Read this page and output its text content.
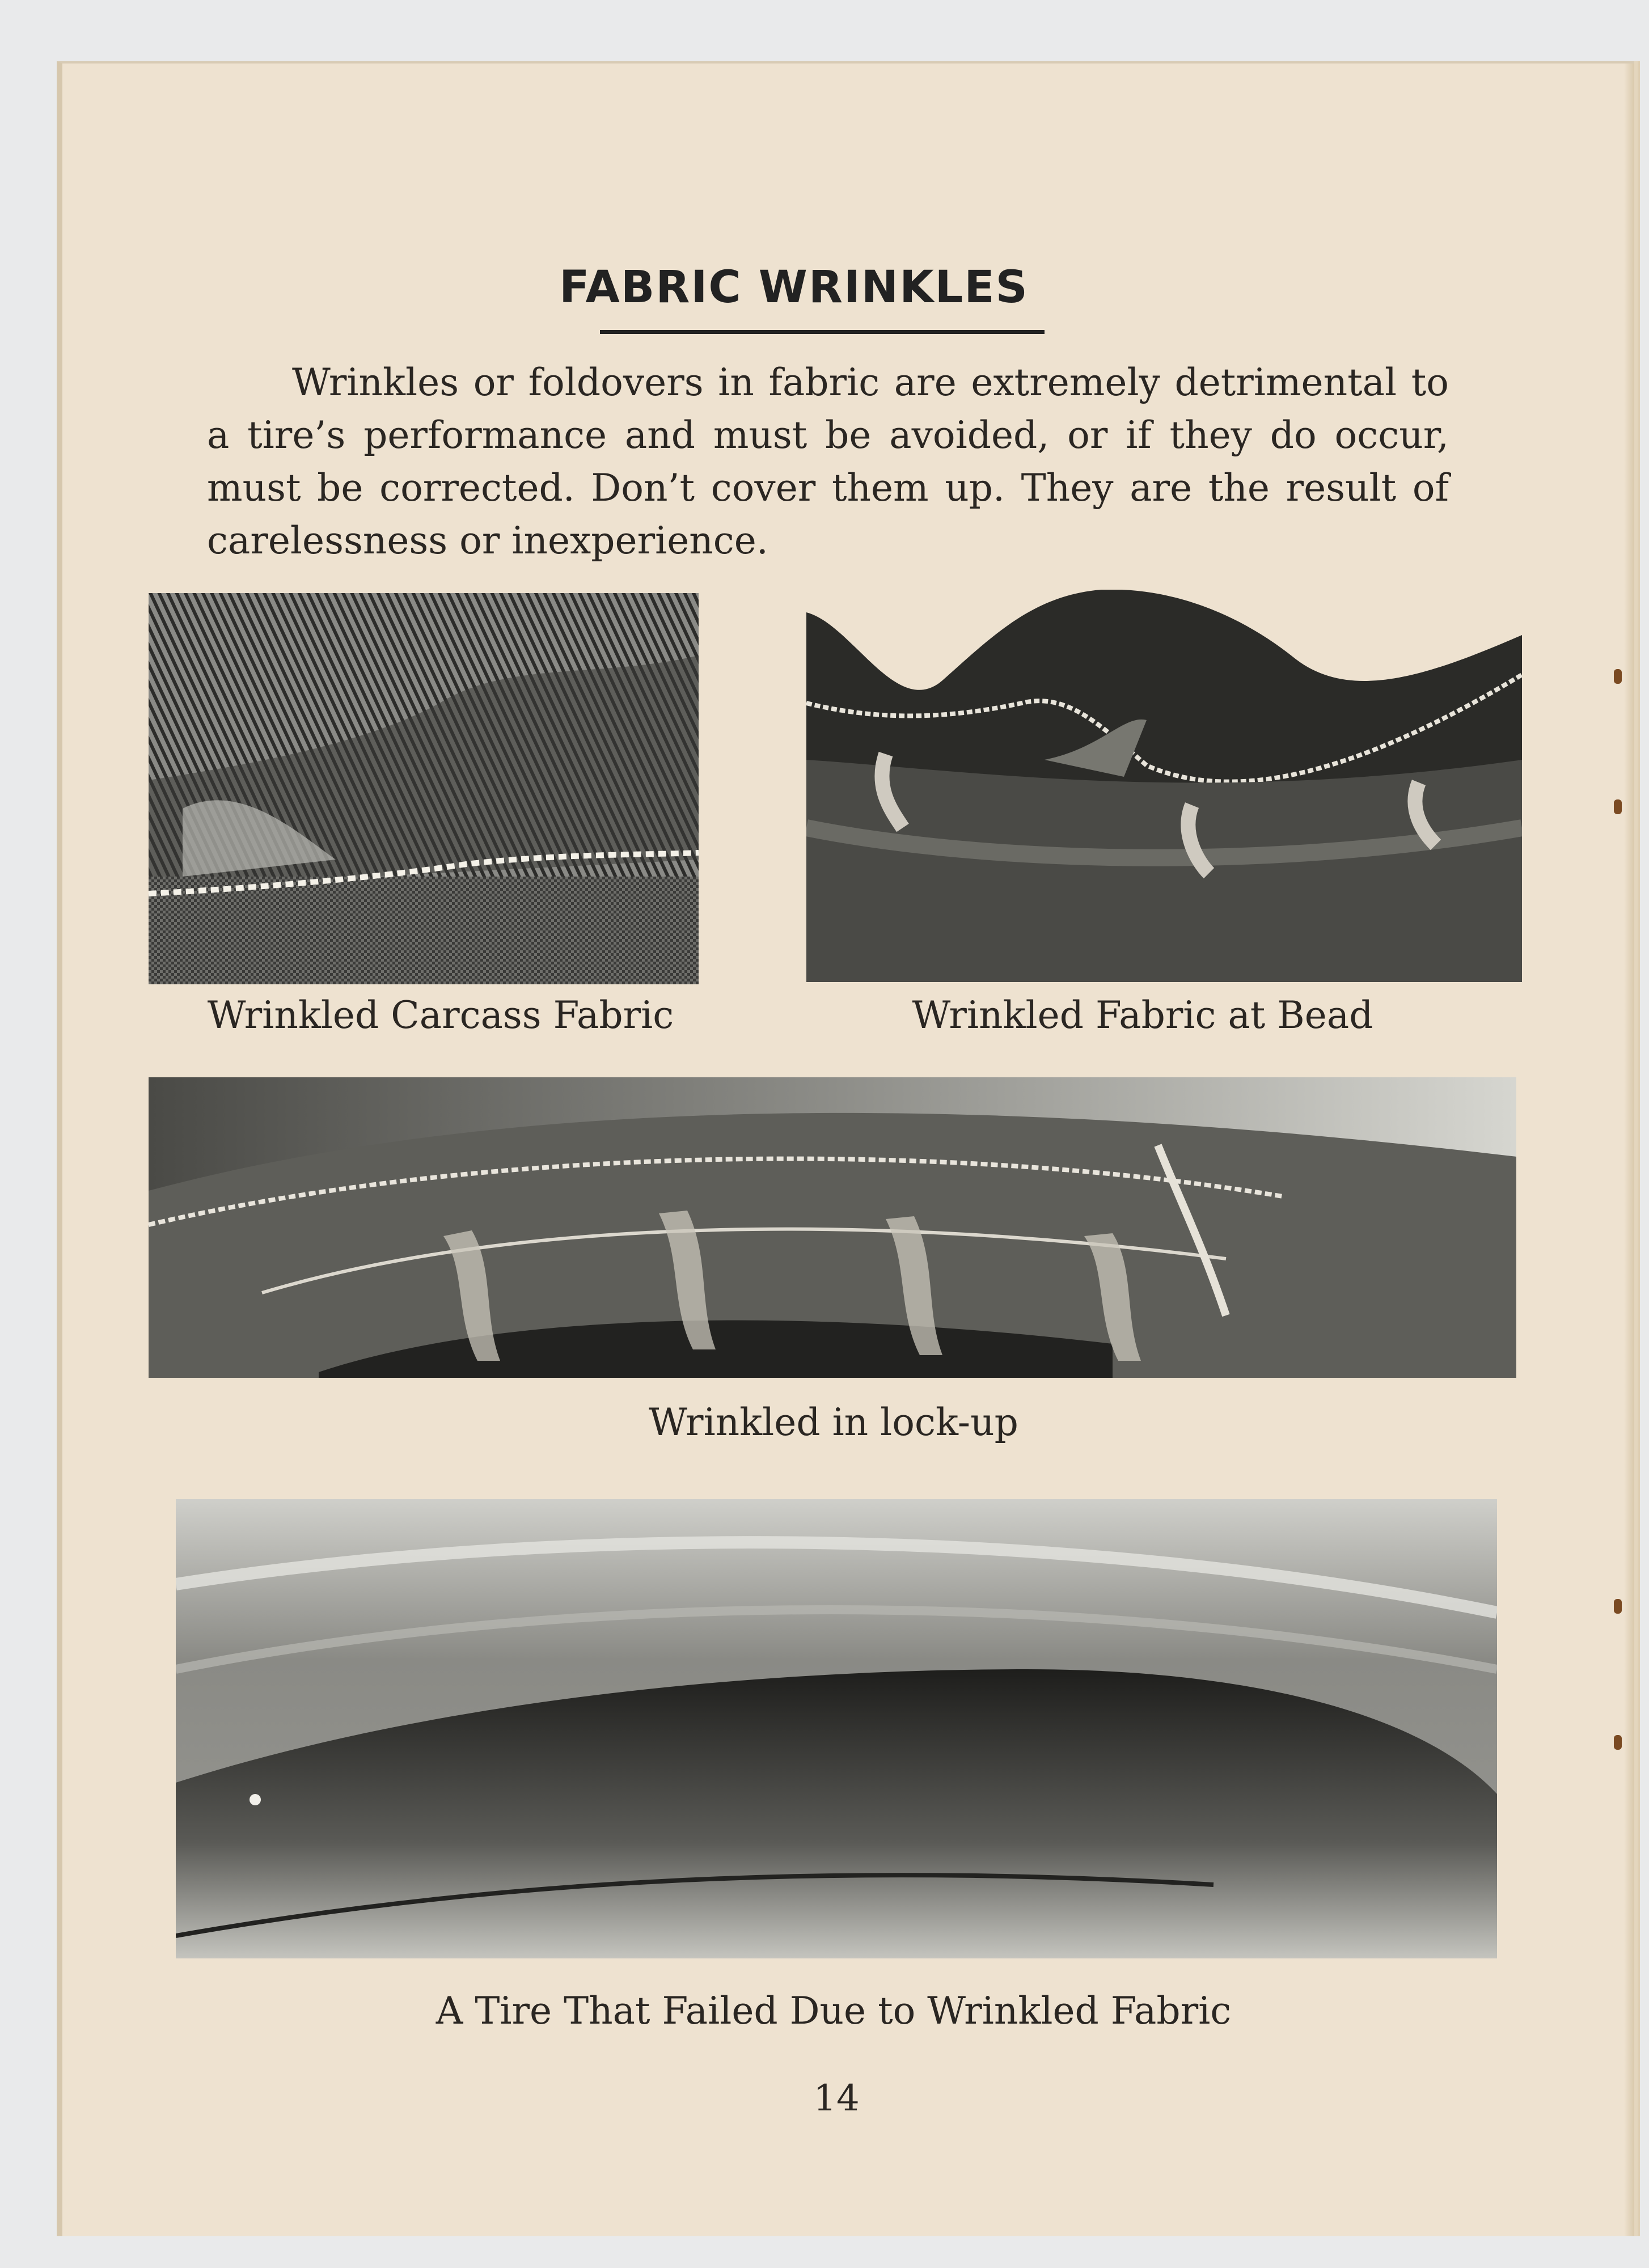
FABRIC WRINKLES

Wrinkles or foldovers in fabric are extremely detrimental to a tire’s performance and must be avoided, or if they do occur, must be corrected. Don’t cover them up. They are the result of carelessness or inexperience.

Wrinkled Carcass Fabric	Wrinkled Fabric at Bead

Wrinkled in lock-up

A Tire That Failed Due to Wrinkled Fabric

14
